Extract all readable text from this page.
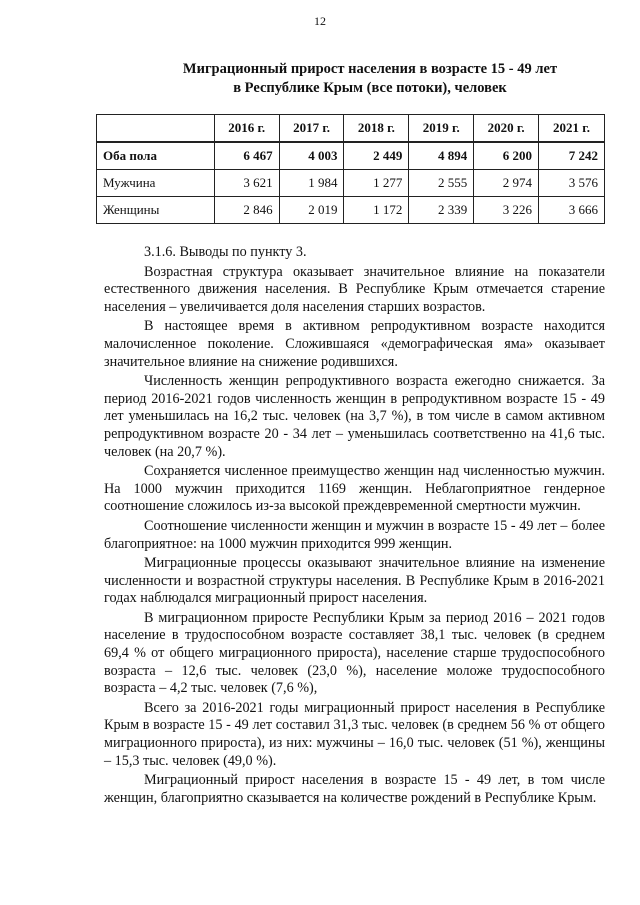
12
Миграционный прирост населения в возрасте 15 - 49 лет
в Республике Крым (все потоки), человек
	2016 г.	2017 г.	2018 г.	2019 г.	2020 г.	2021 г.
Оба пола	6 467	4 003	2 449	4 894	6 200	7 242
Мужчина	3 621	1 984	1 277	2 555	2 974	3 576
Женщины	2 846	2 019	1 172	2 339	3 226	3 666

3.1.6. Выводы по пункту 3.

Возрастная структура оказывает значительное влияние на показатели естественного движения населения. В Республике Крым отмечается старение населения – увеличивается доля населения старших возрастов.

В настоящее время в активном репродуктивном возрасте находится малочисленное поколение. Сложившаяся «демографическая яма» оказывает значительное влияние на снижение родившихся.

Численность женщин репродуктивного возраста ежегодно снижается. За период 2016-2021 годов численность женщин в репродуктивном возрасте 15 - 49 лет уменьшилась на 16,2 тыс. человек (на 3,7 %), в том числе в самом активном репродуктивном возрасте 20 - 34 лет – уменьшилась соответственно на 41,6 тыс. человек (на 20,7 %).

Сохраняется численное преимущество женщин над численностью мужчин. На 1000 мужчин приходится 1169 женщин. Неблагоприятное гендерное соотношение сложилось из-за высокой преждевременной смертности мужчин.

Соотношение численности женщин и мужчин в возрасте 15 - 49 лет – более благоприятное: на 1000 мужчин приходится 999 женщин.

Миграционные процессы оказывают значительное влияние на изменение численности и возрастной структуры населения. В Республике Крым в 2016-2021 годах наблюдался миграционный прирост населения.

В миграционном приросте Республики Крым за период 2016 – 2021 годов население в трудоспособном возрасте составляет 38,1 тыс. человек (в среднем 69,4 % от общего миграционного прироста), население старше трудоспособного возраста – 12,6 тыс. человек (23,0 %), население моложе трудоспособного возраста – 4,2 тыс. человек (7,6 %),

Всего за 2016-2021 годы миграционный прирост населения в Республике Крым в возрасте 15 - 49 лет составил 31,3 тыс. человек (в среднем 56 % от общего миграционного прироста), из них: мужчины – 16,0 тыс. человек (51 %), женщины – 15,3 тыс. человек (49,0 %).

Миграционный прирост населения в возрасте 15 - 49 лет, в том числе женщин, благоприятно сказывается на количестве рождений в Республике Крым.
